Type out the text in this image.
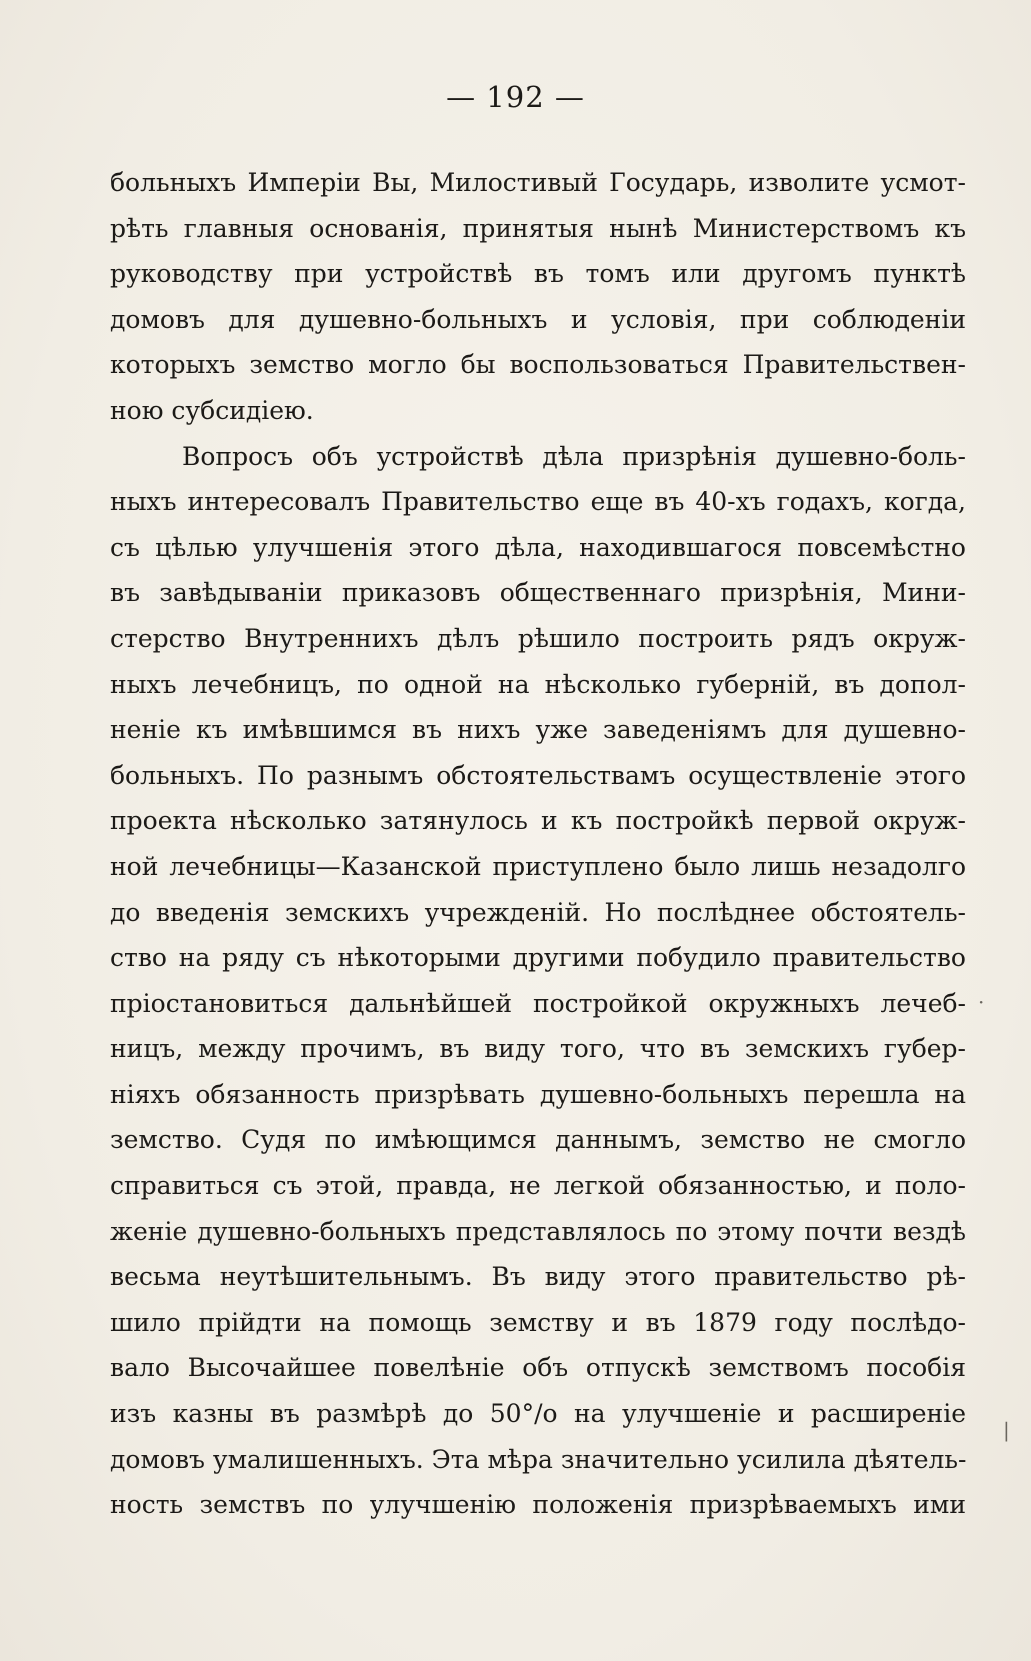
— 192 —
больныхъ Имперіи Вы, Милостивый Государь, изволите усмот-
рѣть главныя основанія, принятыя нынѣ Министерствомъ къ
руководству при устройствѣ въ томъ или другомъ пунктѣ
домовъ для душевно-больныхъ и условія, при соблюденіи
которыхъ земство могло бы воспользоваться Правительствен-
ною субсидіею.
Вопросъ объ устройствѣ дѣла призрѣнія душевно-боль-
ныхъ интересовалъ Правительство еще въ 40-хъ годахъ, когда,
съ цѣлью улучшенія этого дѣла, находившагося повсемѣстно
въ завѣдываніи приказовъ общественнаго призрѣнія, Мини-
стерство Внутреннихъ дѣлъ рѣшило построить рядъ окруж-
ныхъ лечебницъ, по одной на нѣсколько губерній, въ допол-
неніе къ имѣвшимся въ нихъ уже заведеніямъ для душевно-
больныхъ. По разнымъ обстоятельствамъ осуществленіе этого
проекта нѣсколько затянулось и къ постройкѣ первой окруж-
ной лечебницы—Казанской приступлено было лишь незадолго
до введенія земскихъ учрежденій. Но послѣднее обстоятель-
ство на ряду съ нѣкоторыми другими побудило правительство
пріостановиться дальнѣйшей постройкой окружныхъ лечеб-
ницъ, между прочимъ, въ виду того, что въ земскихъ губер-
ніяхъ обязанность призрѣвать душевно-больныхъ перешла на
земство. Судя по имѣющимся даннымъ, земство не смогло
справиться съ этой, правда, не легкой обязанностью, и поло-
женіе душевно-больныхъ представлялось по этому почти вездѣ
весьма неутѣшительнымъ. Въ виду этого правительство рѣ-
шило прійдти на помощь земству и въ 1879 году послѣдо-
вало Высочайшее повелѣніе объ отпускѣ земствомъ пособія
изъ казны въ размѣрѣ до 50°/о на улучшеніе и расширеніе
домовъ умалишенныхъ. Эта мѣра значительно усилила дѣятель-
ность земствъ по улучшенію положенія призрѣваемыхъ ими
·
|
